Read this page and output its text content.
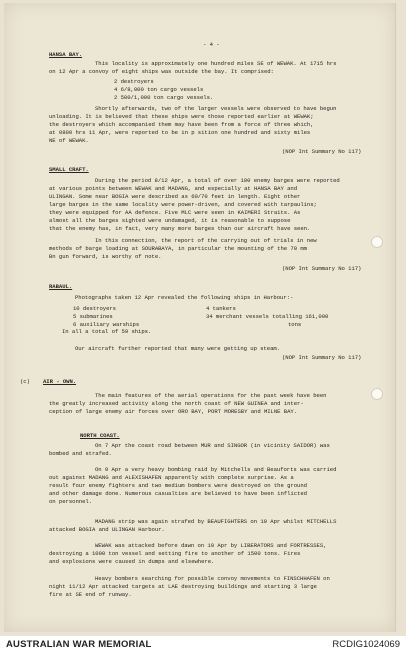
- 4 -
HANSA BAY.
This locality is approximately one hundred miles SE of WEWAK. At 1715 hrs
on 12 Apr a convoy of eight ships was outside the bay. It comprised:
2 destroyers
4 6/8,000 ton cargo vessels
2 500/1,000 ton cargo vessels.
Shortly afterwards, two of the larger vessels were observed to have begun
unloading. It is believed that these ships were those reported earlier at WEWAK;
the destroyers which accompanied them may have been from a force of three which,
at 0800 hrs 11 Apr, were reported to be in p sition one hundred and sixty miles
NE of WEWAK.
(NOP Int Summary No 117)
SMALL CRAFT.
During the period 8/12 Apr, a total of over 100 enemy barges were reported
at various points between WEWAK and MADANG, and especially at HANSA BAY and
ULINGAN. Some near BOGIA were described as 60/70 feet in length. Eight other
large barges in the same locality were power-driven, and covered with tarpaulins;
they were equipped for AA defence. Five MLC were seen in KAIMERI Straits. As
almost all the barges sighted were undamaged, it is reasonable to suppose
that the enemy has, in fact, very many more barges than our aircraft have seen.
In this connection, the report of the carrying out of trials in new
methods of barge loading at SOURABAYA, in particular the mounting of the 70 mm
Bn gun forward, is worthy of note.
(NOP Int Summary No 117)
RABAUL.
Photographs taken 12 Apr revealed the following ships in Harbour:-
10 destroyers
5 submarines
6 auxiliary warships
4 tankers
34 merchant vessels totalling 161,000
tons
In all a total of 59 ships.
Our aircraft further reported that many were getting up steam.
(NOP Int Summary No 117)
(c) AIR - OWN.
The main features of the aerial operations for the past week have been
the greatly increased activity along the north coast of NEW GUINEA and inter-
ception of large enemy air forces over ORO BAY, PORT MORESBY and MILNE BAY.
NORTH COAST.
On 7 Apr the coast road between MUR and SINGOR (in vicinity SAIDOR) was
bombed and strafed.
On 9 Apr a very heavy bombing raid by Mitchells and Beauforts was carried
out against MADANG and ALEXISHAFEN apparently with complete surprise. As a
result four enemy fighters and two medium bombers were destroyed on the ground
and other damage done. Numerous casualties are believed to have been inflicted
on personnel.
MADANG strip was again strafed by BEAUFIGHTERS on 10 Apr whilst MITCHELLS
attacked BOGIA and ULINGAN Harbour.
WEWAK was attacked before dawn on 10 Apr by LIBERATORS and FORTRESSES,
destroying a 1000 ton vessel and setting fire to another of 1500 tons. Fires
and explosions were caused in dumps and elsewhere.
Heavy bombers searching for possible convoy movements to FINSCHHAFEN on
night 11/12 Apr attacked targets at LAE destroying buildings and starting 3 large
fire at SE end of runway.
AUSTRALIAN WAR MEMORIAL	RCDIG1024069
